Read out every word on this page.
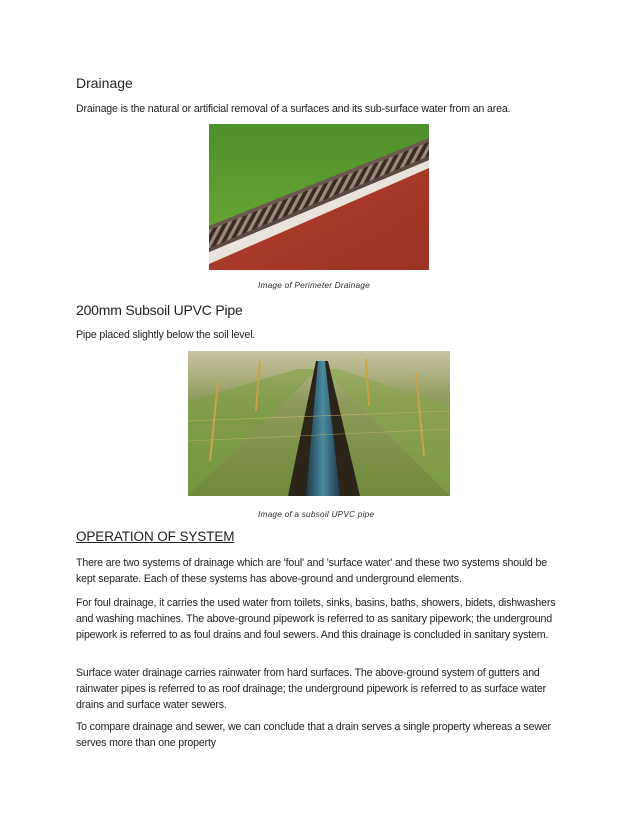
Drainage
Drainage is the natural or artificial removal of a surfaces and its sub-surface water from an area.
Image of Perimeter Drainage
200mm Subsoil UPVC Pipe
Pipe placed slightly below the soil level.
Image of a subsoil UPVC pipe
OPERATION OF SYSTEM
There are two systems of drainage which are 'foul' and 'surface water' and these two systems should be kept separate. Each of these systems has above-ground and underground elements.
For foul drainage, it carries the used water from toilets, sinks, basins, baths, showers, bidets, dishwashers and washing machines. The above-ground pipework is referred to as sanitary pipework; the underground pipework is referred to as foul drains and foul sewers. And this drainage is concluded in sanitary system.
Surface water drainage carries rainwater from hard surfaces. The above-ground system of gutters and rainwater pipes is referred to as roof drainage; the underground pipework is referred to as surface water drains and surface water sewers.
To compare drainage and sewer, we can conclude that a drain serves a single property whereas a sewer serves more than one property
